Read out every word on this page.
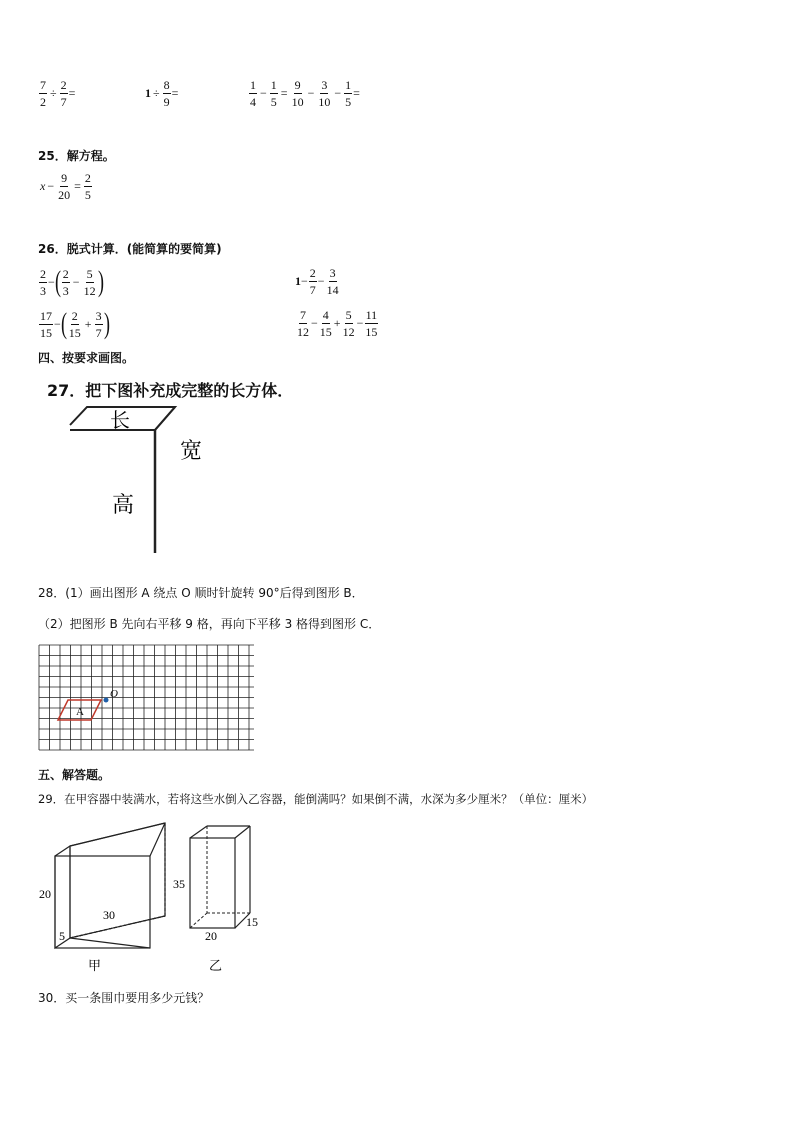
$\frac{7}{2} \div \frac{2}{7}$ =	$1 \div \frac{8}{9}$ =	$\frac{1}{4} - \frac{1}{5} = \frac{9}{10} - \frac{3}{10} - \frac{1}{5}$ =
25．解方程。
$x - \frac{9}{20} = \frac{2}{5}$
26．脱式计算．(能简算的要简算)
$\frac{2}{3}$ − ( $\frac{2}{3} - \frac{5}{12}$ )	$1 - \frac{2}{7} - \frac{3}{14}$
$\frac{17}{15}$ − ( $\frac{2}{15} + \frac{3}{7}$ )	$\frac{7}{12} - \frac{4}{15} + \frac{5}{12} - \frac{11}{15}$
四、按要求画图。
27．把下图补充成完整的长方体．
长
宽
高
28．(1）画出图形 A 绕点 O 顺时针旋转 90°后得到图形 B．
（2）把图形 B 先向右平移 9 格，再向下平移 3 格得到图形 C．
A
O
五、解答题。
29．在甲容器中装满水，若将这些水倒入乙容器，能倒满吗？如果倒不满，水深为多少厘米？（单位：厘米）
20
30
5
甲
35
20
15
乙
30．买一条围巾要用多少元钱？
